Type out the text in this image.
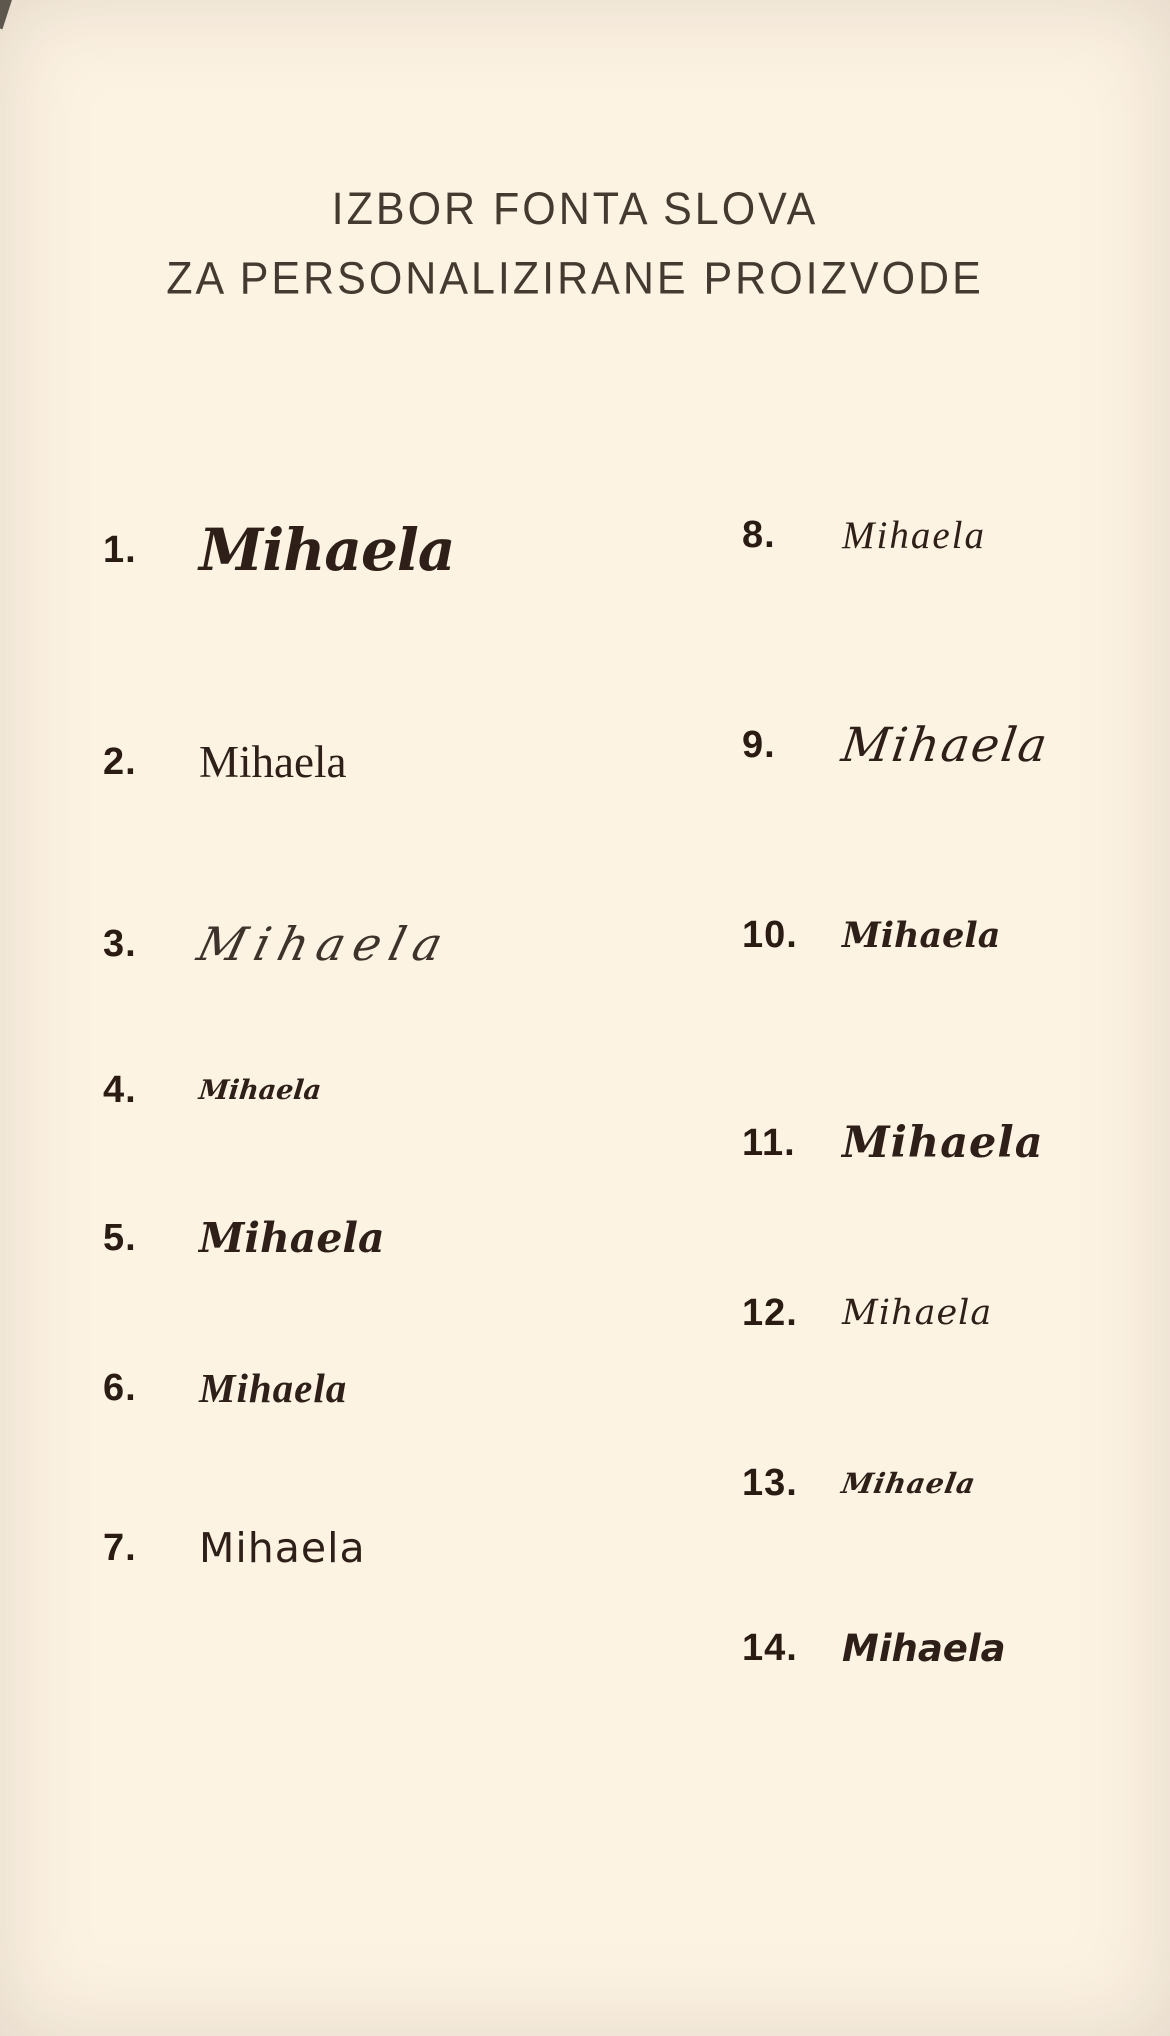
IZBOR FONTA SLOVA
ZA PERSONALIZIRANE PROIZVODE
1.	Mihaela
2.	Mihaela
3.	Mihaela
4.	Mihaela
5.	Mihaela
6.	Mihaela
7.	Mihaela
8.	Mihaela
9.	Mihaela
10.	Mihaela
11.	Mihaela
12.	Mihaela
13.	Mihaela
14.	Mihaela
